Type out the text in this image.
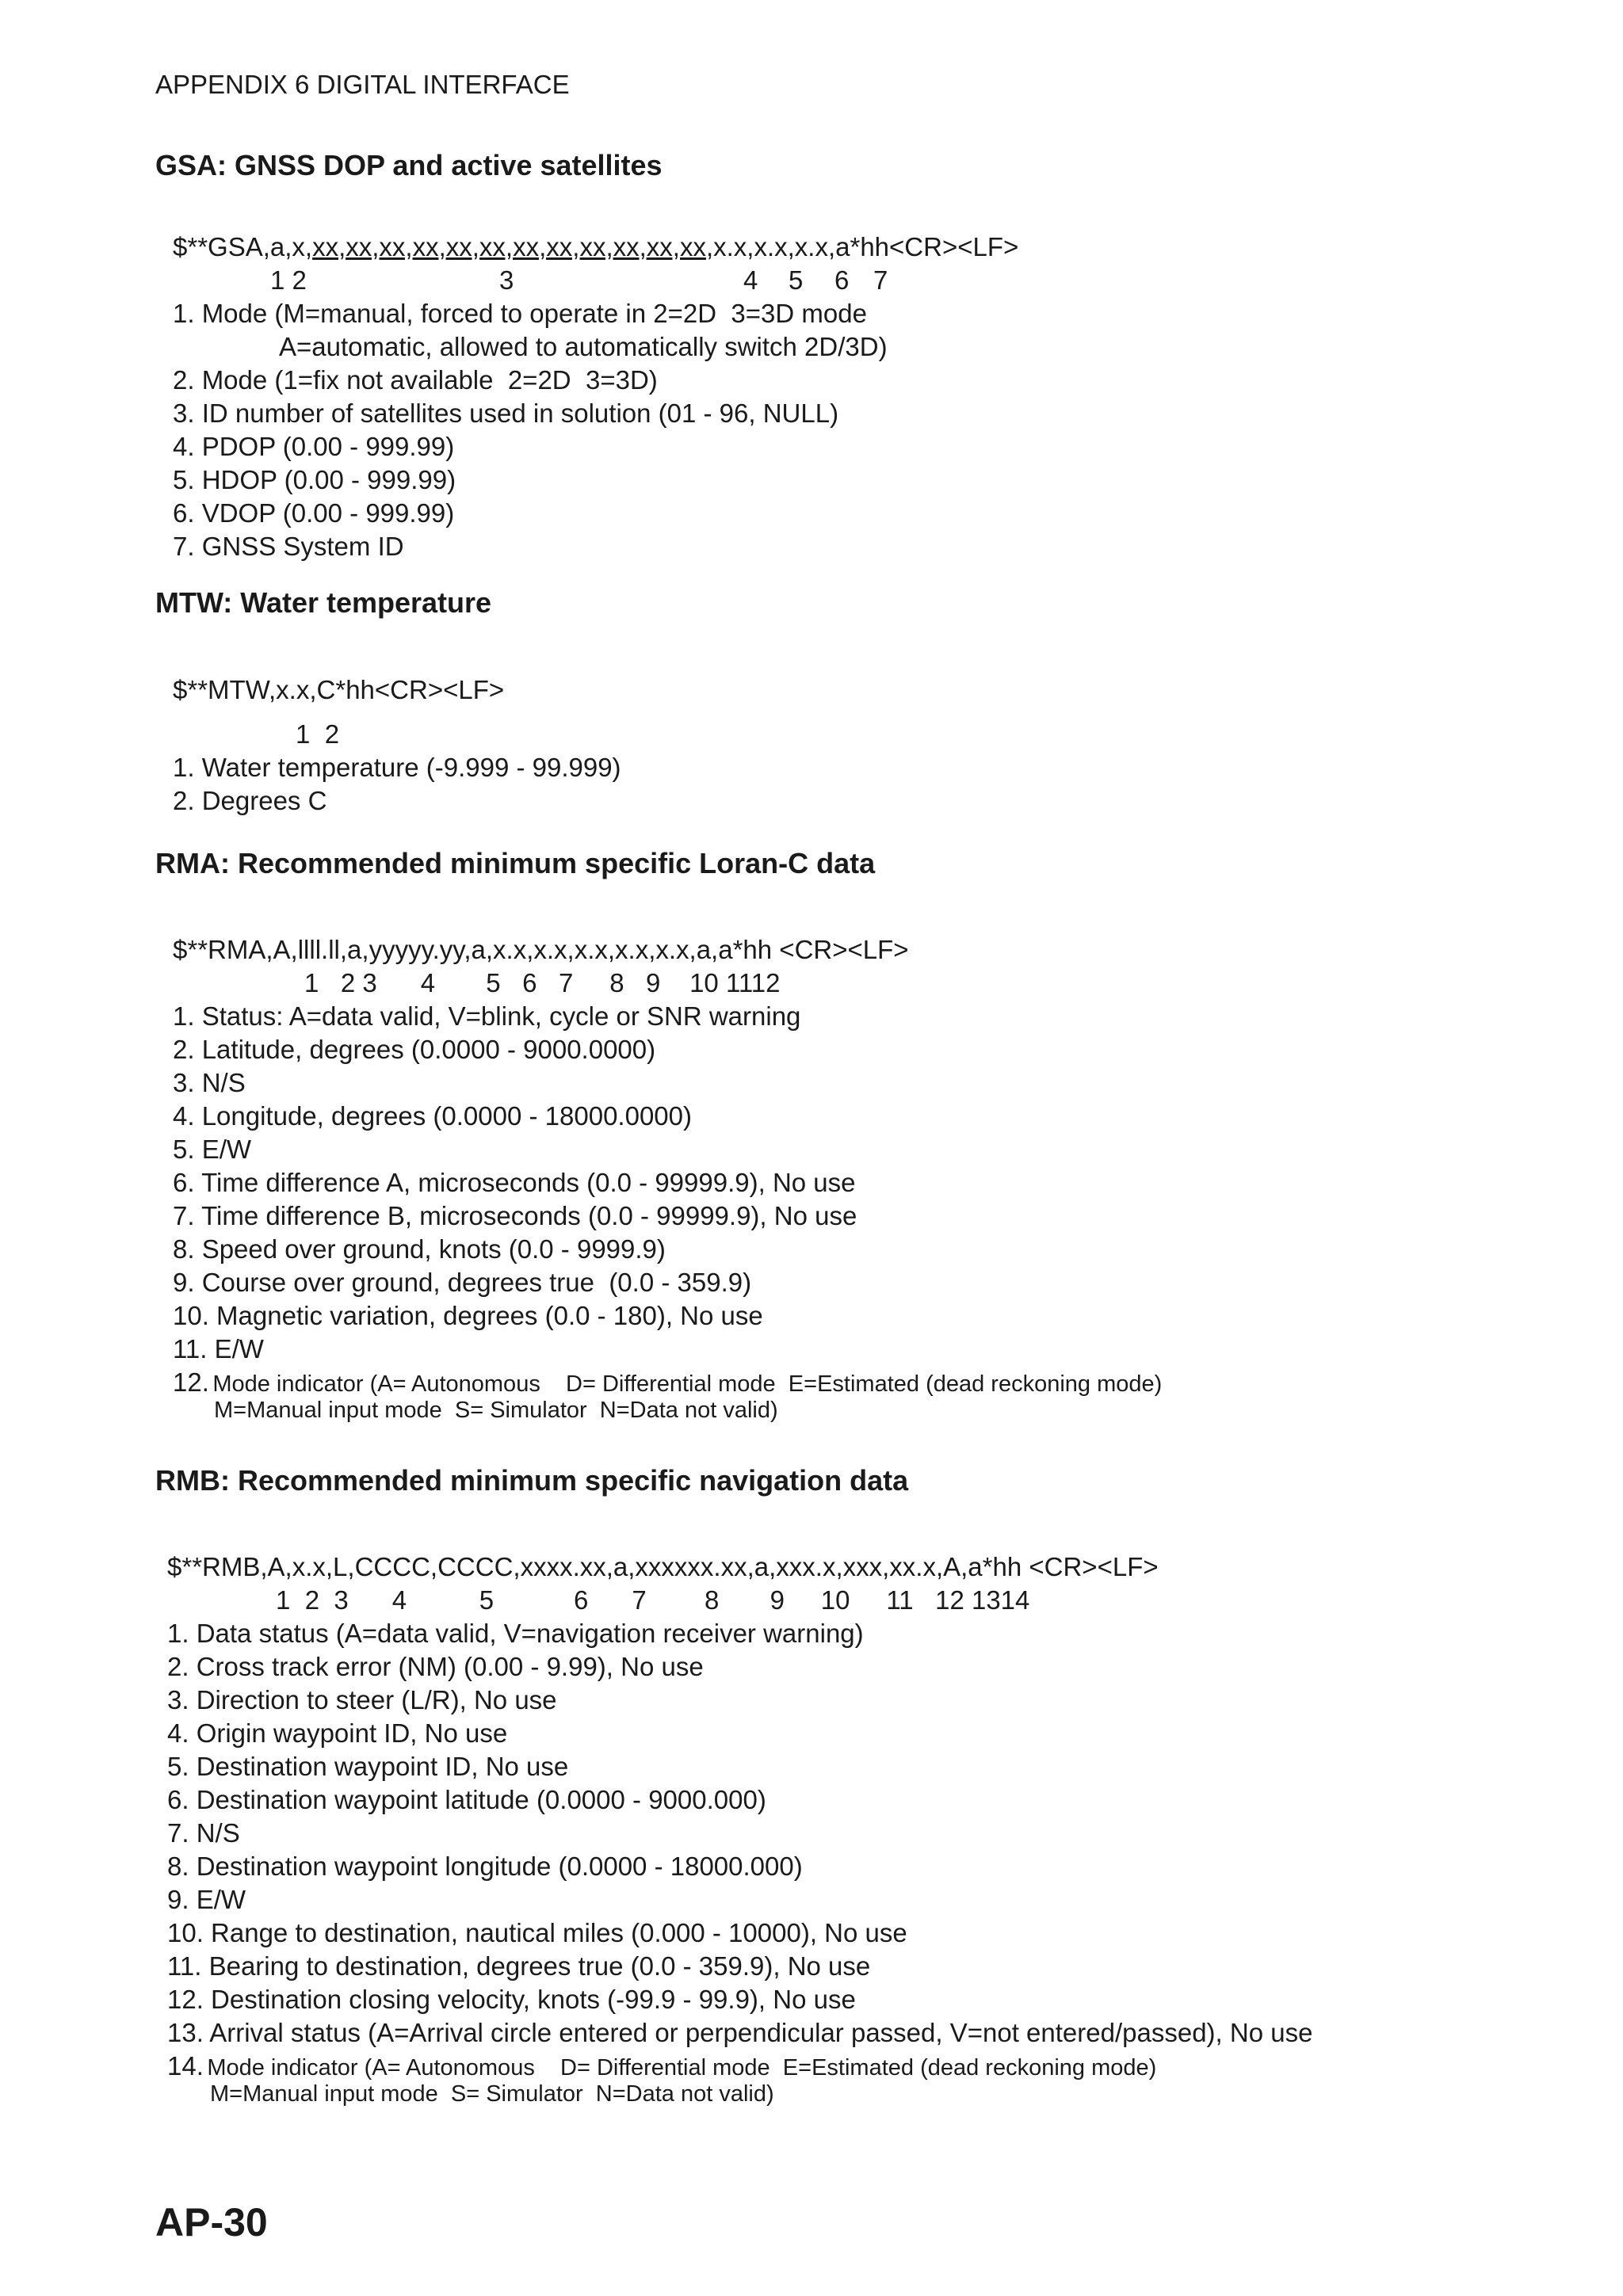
APPENDIX 6 DIGITAL INTERFACE
GSA: GNSS DOP and active satellites
$**GSA,a,x,xx,xx,xx,xx,xx,xx,xx,xx,xx,xx,xx,xx,x.x,x.x,x.x,a*hh<CR><LF>
1 2	3	4 5 6 7
1. Mode (M=manual, forced to operate in 2=2D  3=3D mode
A=automatic, allowed to automatically switch 2D/3D)
2. Mode (1=fix not available  2=2D  3=3D)
3. ID number of satellites used in solution (01 - 96, NULL)
4. PDOP (0.00 - 999.99)
5. HDOP (0.00 - 999.99)
6. VDOP (0.00 - 999.99)
7. GNSS System ID
MTW: Water temperature
$**MTW,x.x,C*hh<CR><LF>
1  2
1. Water temperature (-9.999 - 99.999)
2. Degrees C
RMA: Recommended minimum specific Loran-C data
$**RMA,A,llll.ll,a,yyyyy.yy,a,x.x,x.x,x.x,x.x,x.x,a,a*hh <CR><LF>
1   2 3      4       5   6   7     8   9    10 1112
1. Status: A=data valid, V=blink, cycle or SNR warning
2. Latitude, degrees (0.0000 - 9000.0000)
3. N/S
4. Longitude, degrees (0.0000 - 18000.0000)
5. E/W
6. Time difference A, microseconds (0.0 - 99999.9), No use
7. Time difference B, microseconds (0.0 - 99999.9), No use
8. Speed over ground, knots (0.0 - 9999.9)
9. Course over ground, degrees true  (0.0 - 359.9)
10. Magnetic variation, degrees (0.0 - 180), No use
11. E/W
12. Mode indicator (A= Autonomous    D= Differential mode  E=Estimated (dead reckoning mode)
M=Manual input mode  S= Simulator  N=Data not valid)
RMB: Recommended minimum specific navigation data
$**RMB,A,x.x,L,CCCC,CCCC,xxxx.xx,a,xxxxxx.xx,a,xxx.x,xxx,xx.x,A,a*hh <CR><LF>
1  2  3      4          5           6      7        8       9     10     11   12 1314
1. Data status (A=data valid, V=navigation receiver warning)
2. Cross track error (NM) (0.00 - 9.99), No use
3. Direction to steer (L/R), No use
4. Origin waypoint ID, No use
5. Destination waypoint ID, No use
6. Destination waypoint latitude (0.0000 - 9000.000)
7. N/S
8. Destination waypoint longitude (0.0000 - 18000.000)
9. E/W
10. Range to destination, nautical miles (0.000 - 10000), No use
11. Bearing to destination, degrees true (0.0 - 359.9), No use
12. Destination closing velocity, knots (-99.9 - 99.9), No use
13. Arrival status (A=Arrival circle entered or perpendicular passed, V=not entered/passed), No use
14. Mode indicator (A= Autonomous    D= Differential mode  E=Estimated (dead reckoning mode)
M=Manual input mode  S= Simulator  N=Data not valid)
AP-30
